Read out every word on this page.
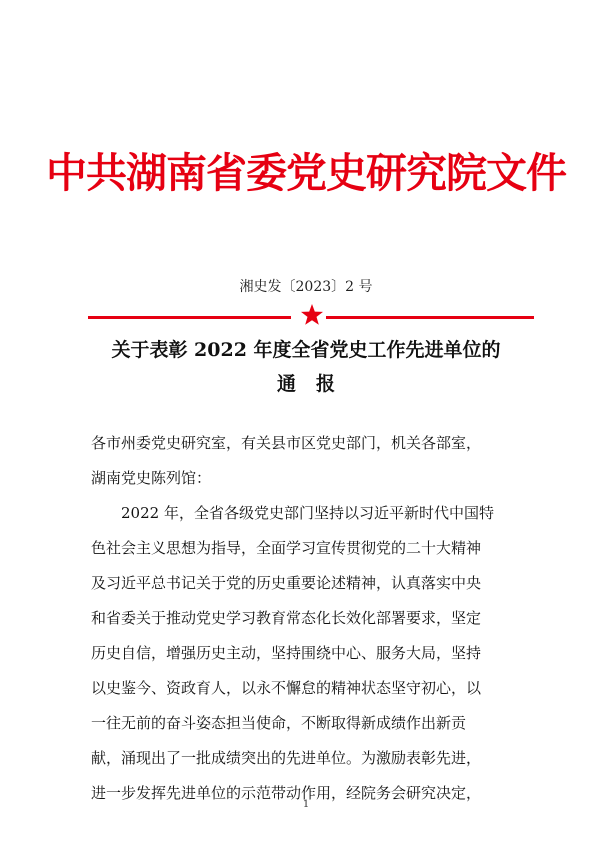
中共湖南省委党史研究院文件
湘史发〔2023〕2 号
关于表彰 2022 年度全省党史工作先进单位的
通报
各市州委党史研究室，有关县市区党史部门，机关各部室，
湖南党史陈列馆：
　　2022 年，全省各级党史部门坚持以习近平新时代中国特
色社会主义思想为指导，全面学习宣传贯彻党的二十大精神
及习近平总书记关于党的历史重要论述精神，认真落实中央
和省委关于推动党史学习教育常态化长效化部署要求，坚定
历史自信，增强历史主动，坚持围绕中心、服务大局，坚持
以史鉴今、资政育人，以永不懈怠的精神状态坚守初心，以
一往无前的奋斗姿态担当使命，不断取得新成绩作出新贡
献，涌现出了一批成绩突出的先进单位。为激励表彰先进，
进一步发挥先进单位的示范带动作用，经院务会研究决定，
1
